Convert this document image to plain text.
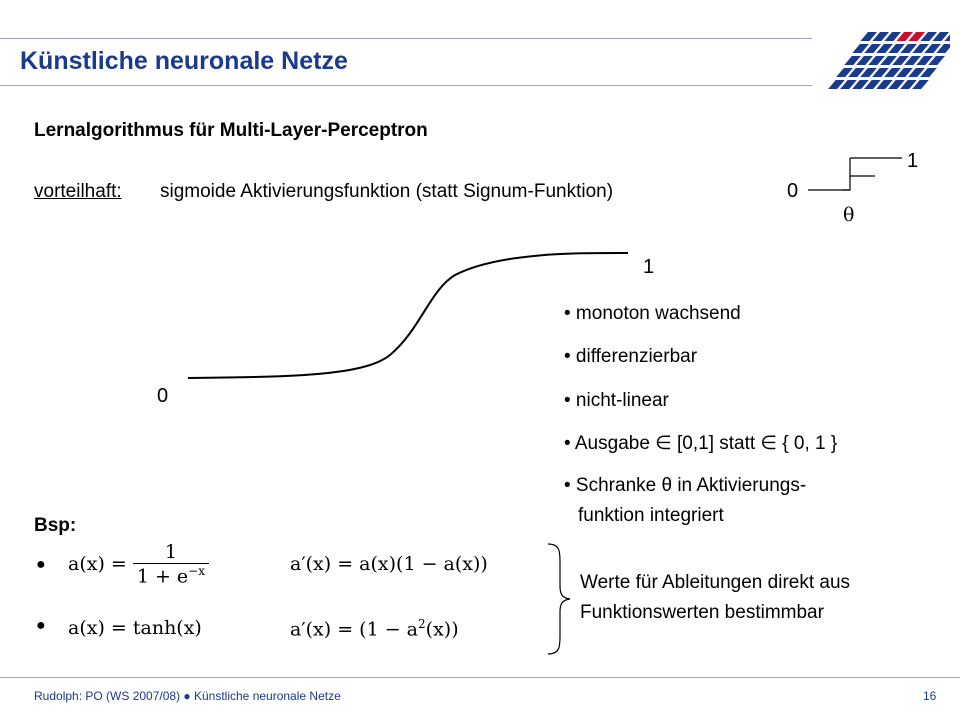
Künstliche neuronale Netze
Lernalgorithmus für Multi-Layer-Perceptron
vorteilhaft: sigmoide Aktivierungsfunktion (statt Signum-Funktion)
1
0
θ
1
0
• monoton wachsend
• differenzierbar
• nicht-linear
• Ausgabe ∈ [0,1] statt ∈ { 0, 1 }
• Schranke θ in Aktivierungs-
funktion integriert
Bsp:
● $a(x) = \frac{1}{1 + e^{-x}}$	a′(x) = a(x)(1 − a(x))
● a(x) = tanh(x)	$a'(x) = (1 - a^2(x))$
Werte für Ableitungen direkt aus
Funktionswerten bestimmbar
Rudolph: PO (WS 2007/08) ● Künstliche neuronale Netze	16
